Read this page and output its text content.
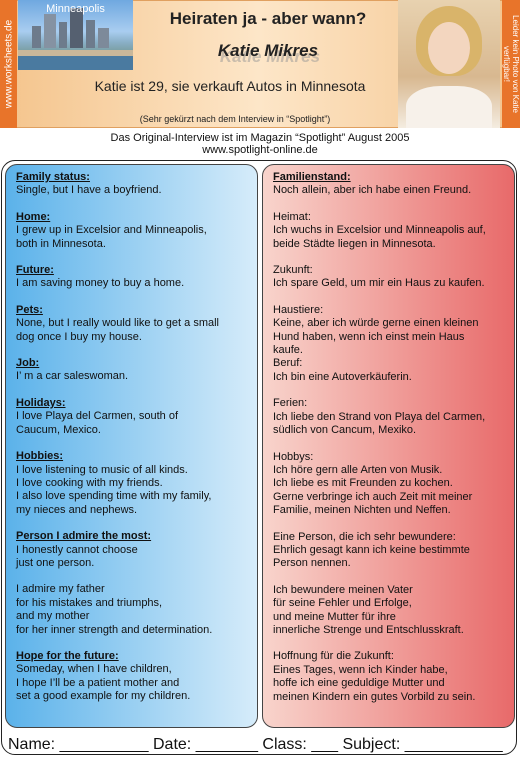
www.worksheets.de
Minneapolis	Heiraten ja - aber wann?
Katie Mikres
Katie ist 29, sie verkauft Autos in Minnesota
(Sehr gekürzt nach dem Interview in “Spotlight”)
Leider kein Photo von Katie verfügbar!
Das Original-Interview ist im Magazin “Spotlight” August 2005
www.spotlight-online.de
Family status:
Single, but I have a boyfriend.
Home:
I grew up in Excelsior and Minneapolis,
both in Minnesota.
Future:
I am saving money to buy a home.
Pets:
None, but I really would like to get a small
dog once I buy my house.
Job:
I’ m a car saleswoman.
Holidays:
I love Playa del Carmen, south of
Caucum, Mexico.
Hobbies:
I love listening to music of all kinds.
I love cooking with my friends.
I also love spending time with my family,
my nieces and nephews.
Person I admire the most:
I honestly cannot choose
just one person.
I admire my father
for his mistakes and triumphs,
and my mother
for her inner strength and determination.
Hope for the future:
Someday, when I have children,
I hope I’ll be a patient mother and
set a good example for my children.
Familienstand:
Noch allein, aber ich habe einen Freund.
Heimat:
Ich wuchs in Excelsior und Minneapolis auf,
beide Städte liegen in Minnesota.
Zukunft:
Ich spare Geld, um mir ein Haus zu kaufen.
Haustiere:
Keine, aber ich würde gerne einen kleinen
Hund haben, wenn ich einst mein Haus
kaufe.
Beruf:
Ich bin eine Autoverkäuferin.
Ferien:
Ich liebe den Strand von Playa del Carmen,
südlich von Cancum, Mexiko.
Hobbys:
Ich höre gern alle Arten von Musik.
Ich liebe es mit Freunden zu kochen.
Gerne verbringe ich auch Zeit mit meiner
Familie, meinen Nichten und Neffen.
Eine Person, die ich sehr bewundere:
Ehrlich gesagt kann ich keine bestimmte
Person nennen.
Ich bewundere meinen Vater
für seine Fehler und Erfolge,
und meine Mutter für ihre
innerliche Strenge und Entschlusskraft.
Hoffnung für die Zukunft:
Eines Tages, wenn ich Kinder habe,
hoffe ich eine geduldige Mutter und
meinen Kindern ein gutes Vorbild zu sein.
Name: __________ Date: _______ Class: ___ Subject: ___________
